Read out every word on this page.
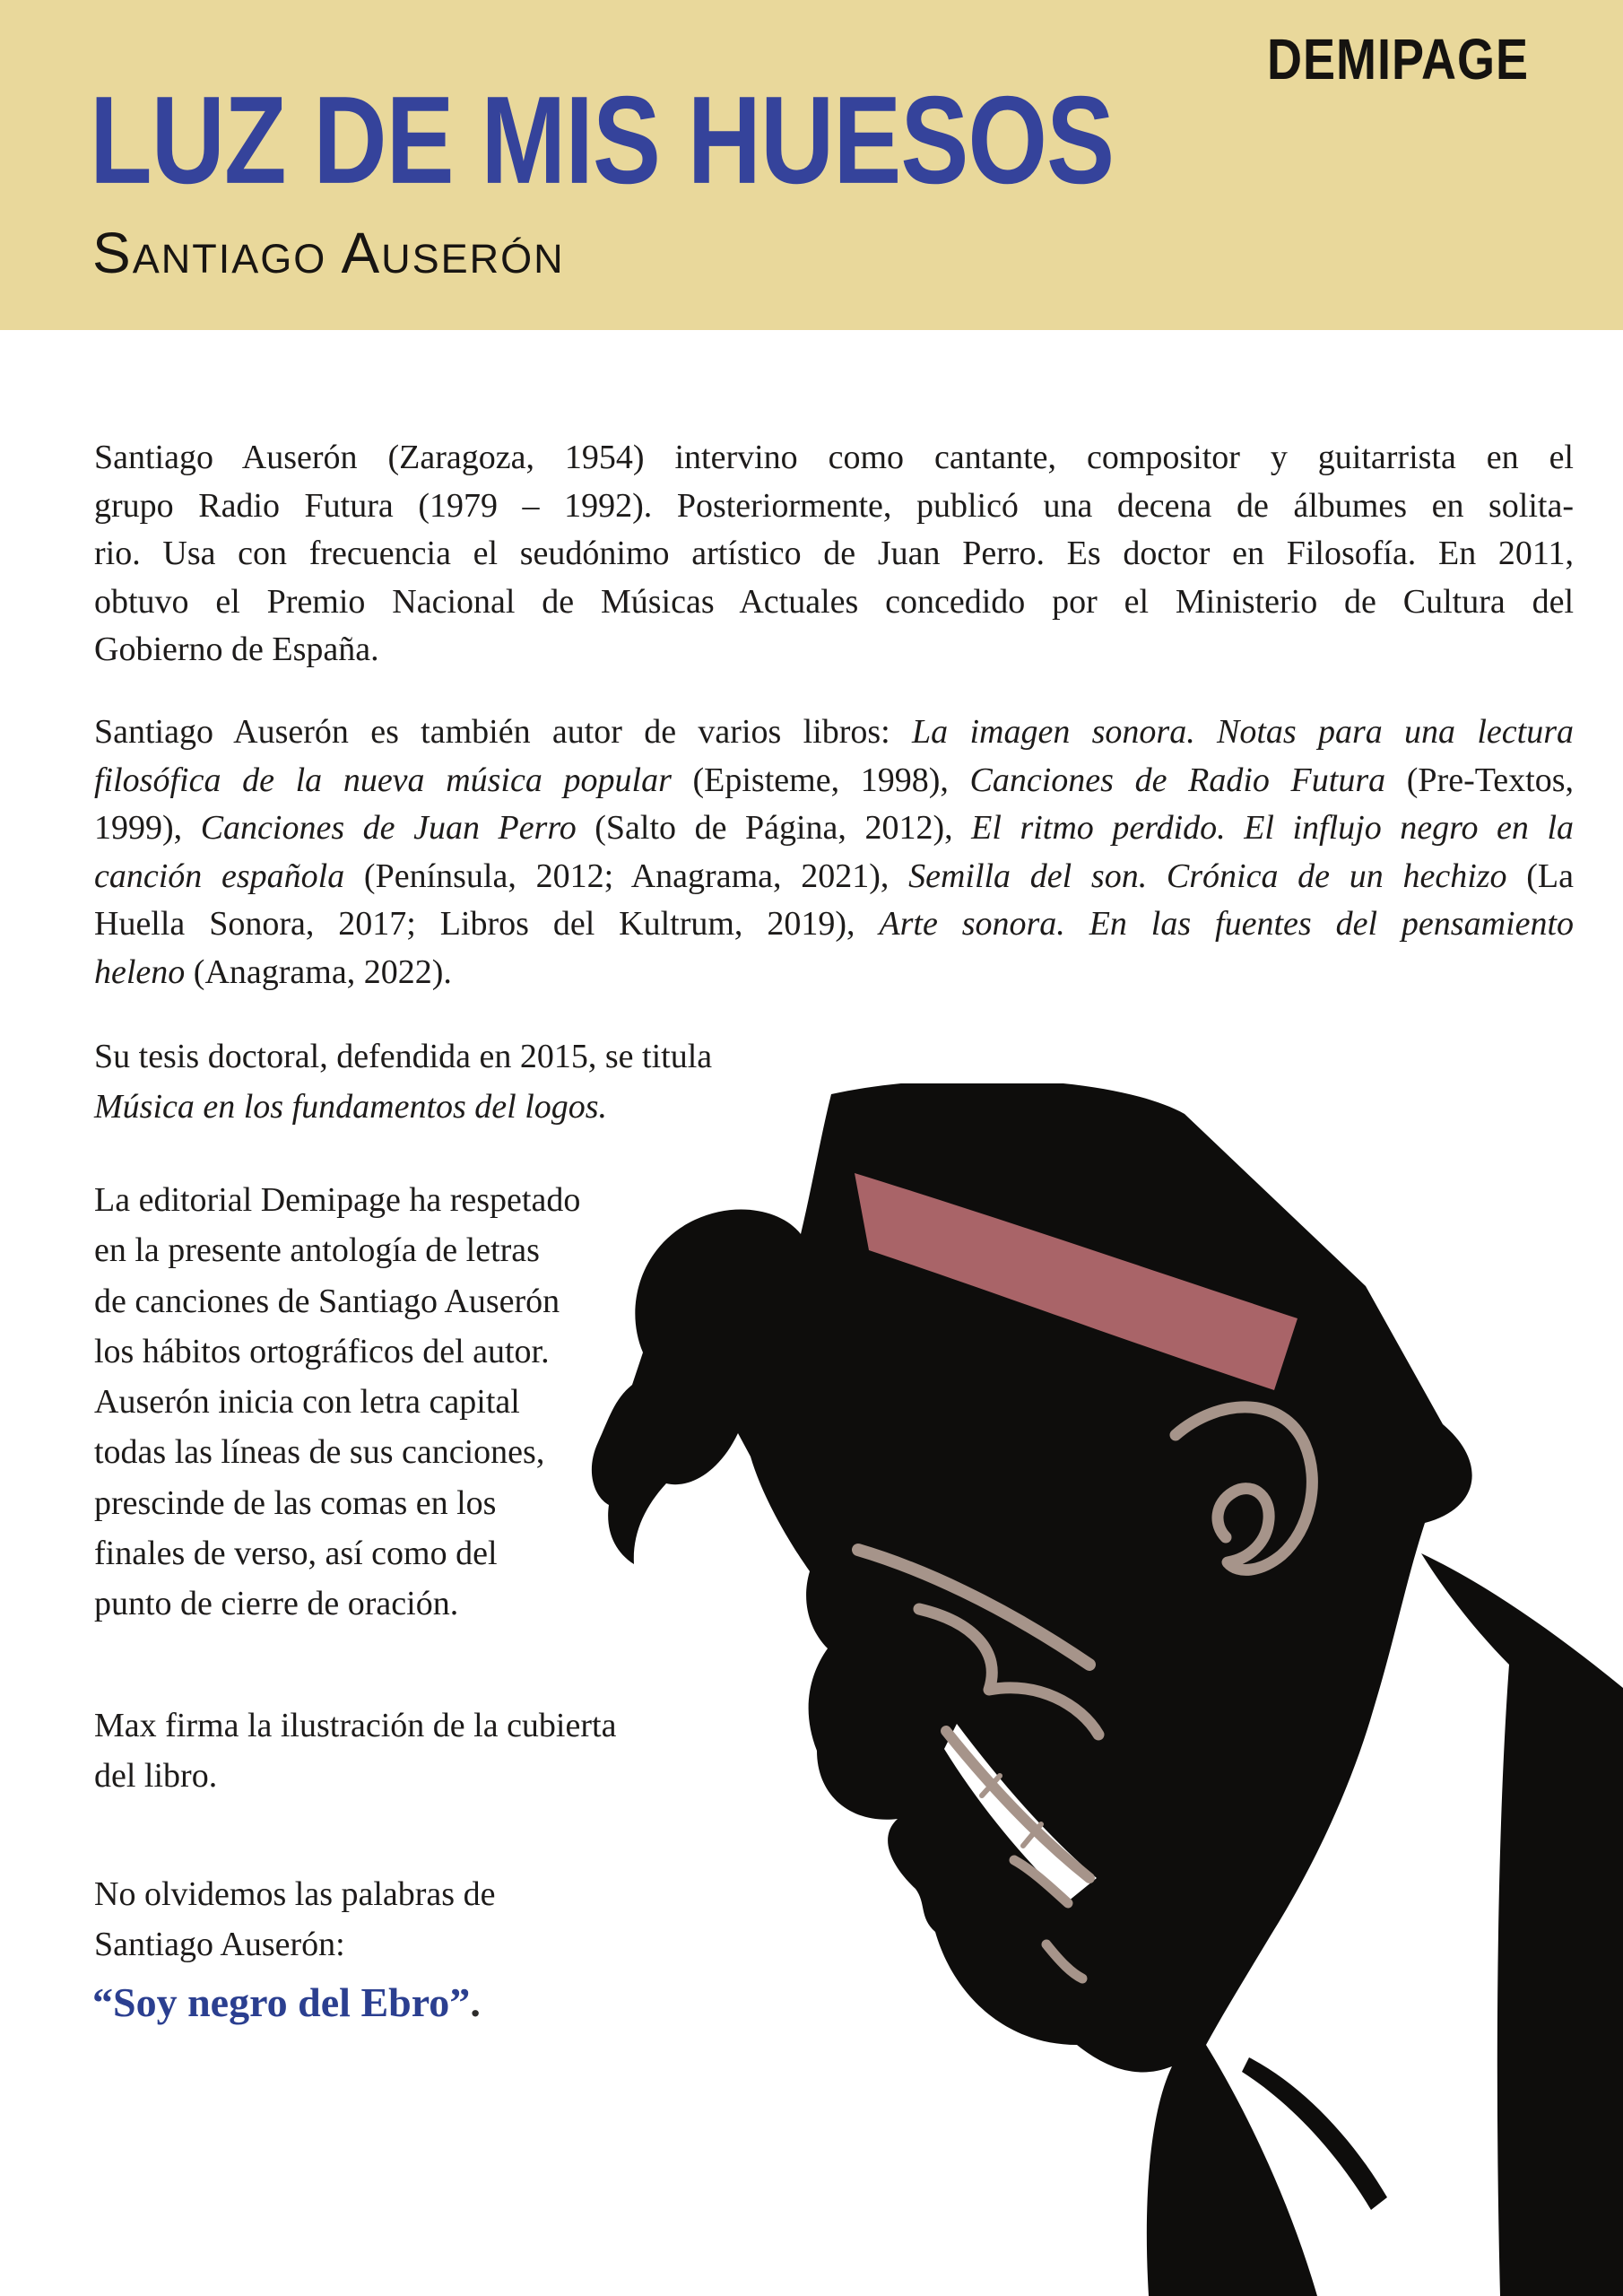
DEMIPAGE
LUZ DE MIS HUESOS
Santiago Auserón
Santiago Auserón (Zaragoza, 1954) intervino como cantante, compositor y guitarrista en el
grupo Radio Futura (1979 – 1992). Posteriormente, publicó una decena de álbumes en solita-
rio. Usa con frecuencia el seudónimo artístico de Juan Perro. Es doctor en Filosofía. En 2011,
obtuvo el Premio Nacional de Músicas Actuales concedido por el Ministerio de Cultura del
Gobierno de España.
Santiago Auserón es también autor de varios libros: La imagen sonora. Notas para una lectura
filosófica de la nueva música popular (Episteme, 1998), Canciones de Radio Futura (Pre-Textos,
1999), Canciones de Juan Perro (Salto de Página, 2012), El ritmo perdido. El influjo negro en la
canción española (Península, 2012; Anagrama, 2021), Semilla del son. Crónica de un hechizo (La
Huella Sonora, 2017; Libros del Kultrum, 2019), Arte sonora. En las fuentes del pensamiento
heleno (Anagrama, 2022).
Su tesis doctoral, defendida en 2015, se titula
Música en los fundamentos del logos.
La editorial Demipage ha respetado
en la presente antología de letras
de canciones de Santiago Auserón
los hábitos ortográficos del autor.
Auserón inicia con letra capital
todas las líneas de sus canciones,
prescinde de las comas en los
finales de verso, así como del
punto de cierre de oración.
Max firma la ilustración de la cubierta
del libro.
No olvidemos las palabras de
Santiago Auserón:
“Soy negro del Ebro”.
